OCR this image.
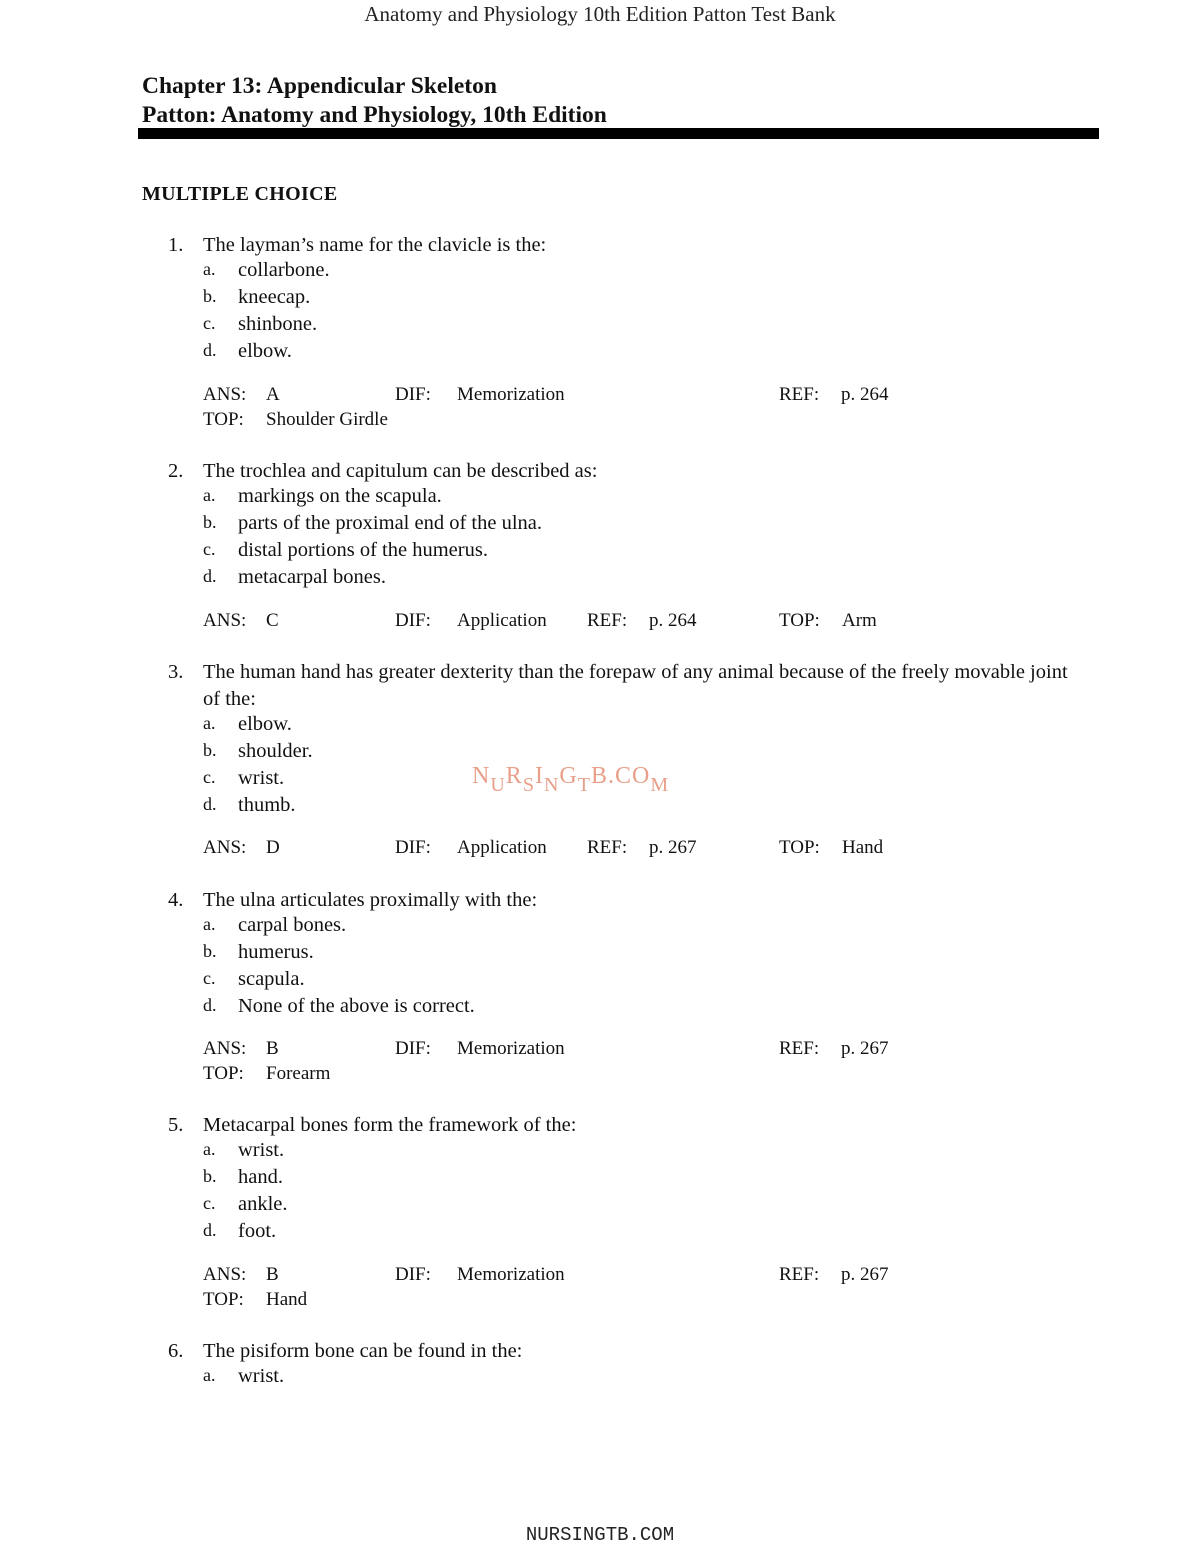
Anatomy and Physiology 10th Edition Patton Test Bank
Chapter 13: Appendicular Skeleton
Patton: Anatomy and Physiology, 10th Edition
MULTIPLE CHOICE
1. The layman’s name for the clavicle is the:
a. collarbone.
b. kneecap.
c. shinbone.
d. elbow.
ANS: A	DIF: Memorization	REF: p. 264
TOP: Shoulder Girdle
2. The trochlea and capitulum can be described as:
a. markings on the scapula.
b. parts of the proximal end of the ulna.
c. distal portions of the humerus.
d. metacarpal bones.
ANS: C	DIF: Application REF: p. 264	TOP: Arm
3. The human hand has greater dexterity than the forepaw of any animal because of the freely movable joint of the:
a. elbow.
b. shoulder.
c. wrist.
d. thumb.
ANS: D	DIF: Application REF: p. 267	TOP: Hand
NURSINGTB.COM
4. The ulna articulates proximally with the:
a. carpal bones.
b. humerus.
c. scapula.
d. None of the above is correct.
ANS: B	DIF: Memorization	REF: p. 267
TOP: Forearm
5. Metacarpal bones form the framework of the:
a. wrist.
b. hand.
c. ankle.
d. foot.
ANS: B	DIF: Memorization	REF: p. 267
TOP: Hand
6. The pisiform bone can be found in the:
a. wrist.
NURSINGTB.COM
